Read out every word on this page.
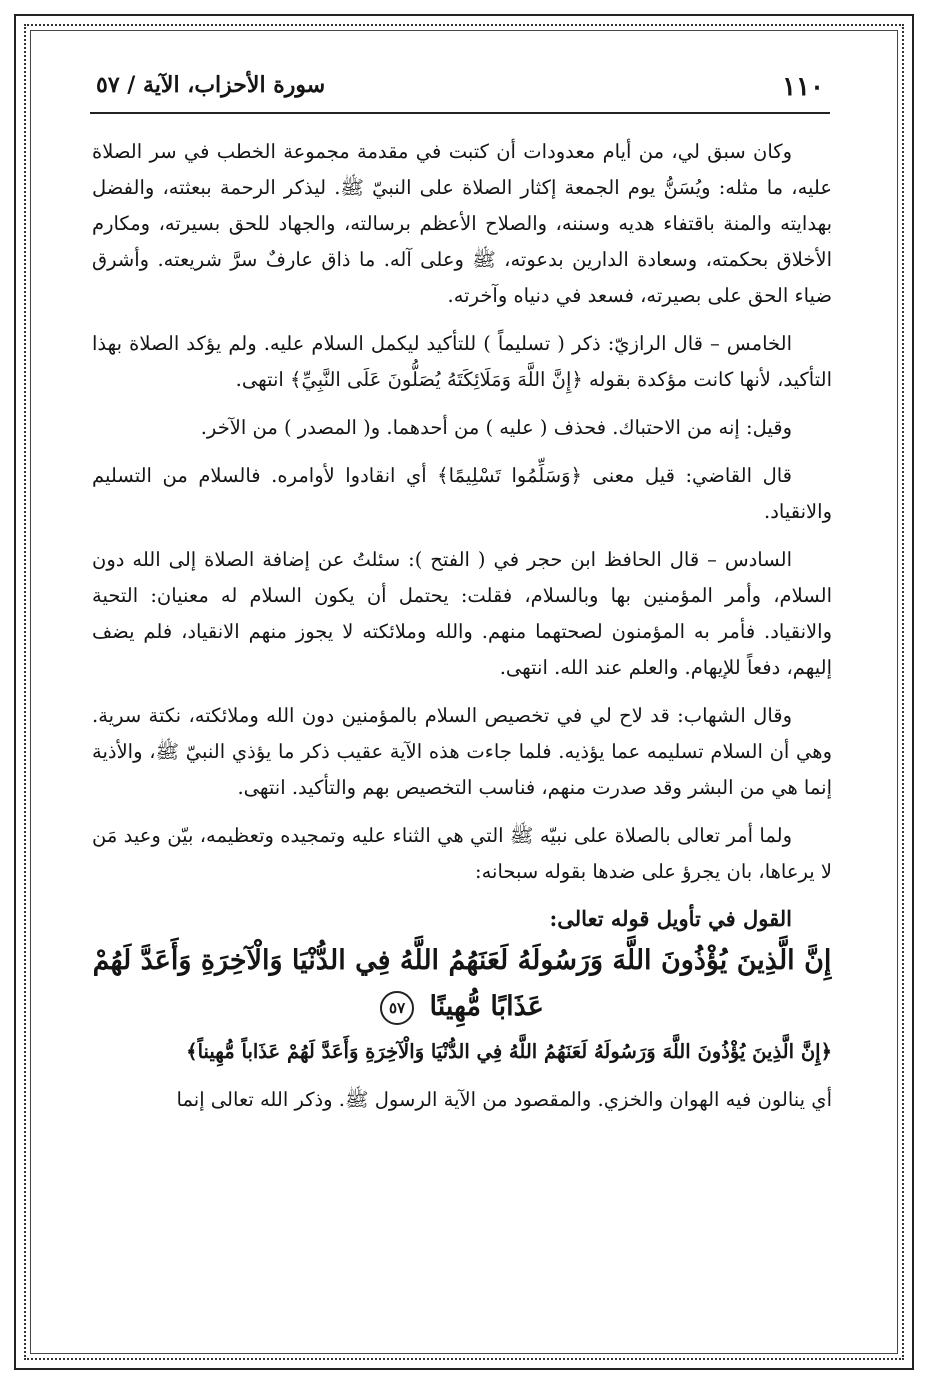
١١٠
سورة الأحزاب، الآية / ٥٧

وكان سبق لي، من أيام معدودات أن كتبت في مقدمة مجموعة الخطب في سر الصلاة عليه، ما مثله: ويُسَنُّ يوم الجمعة إكثار الصلاة على النبيّ ﷺ. ليذكر الرحمة ببعثته، والفضل بهدايته والمنة باقتفاء هديه وسننه، والصلاح الأعظم برسالته، والجهاد للحق بسيرته، ومكارم الأخلاق بحكمته، وسعادة الدارين بدعوته، ﷺ وعلى آله. ما ذاق عارفٌ سرَّ شريعته. وأشرق ضياء الحق على بصيرته، فسعد في دنياه وآخرته.

الخامس – قال الرازيّ: ذكر ( تسليماً ) للتأكيد ليكمل السلام عليه. ولم يؤكد الصلاة بهذا التأكيد، لأنها كانت مؤكدة بقوله ﴿إِنَّ اللَّهَ وَمَلَائِكَتَهُ يُصَلُّونَ عَلَى النَّبِيِّ﴾ انتهى.

وقيل: إنه من الاحتباك. فحذف ( عليه ) من أحدهما. و( المصدر ) من الآخر.

قال القاضي: قيل معنى ﴿وَسَلِّمُوا تَسْلِيمًا﴾ أي انقادوا لأوامره. فالسلام من التسليم والانقياد.

السادس – قال الحافظ ابن حجر في ( الفتح ): سئلتُ عن إضافة الصلاة إلى الله دون السلام، وأمر المؤمنين بها وبالسلام، فقلت: يحتمل أن يكون السلام له معنيان: التحية والانقياد. فأمر به المؤمنون لصحتهما منهم. والله وملائكته لا يجوز منهم الانقياد، فلم يضف إليهم، دفعاً للإيهام. والعلم عند الله. انتهى.

وقال الشهاب: قد لاح لي في تخصيص السلام بالمؤمنين دون الله وملائكته، نكتة سرية. وهي أن السلام تسليمه عما يؤذيه. فلما جاءت هذه الآية عقيب ذكر ما يؤذي النبيّ ﷺ، والأذية إنما هي من البشر وقد صدرت منهم، فناسب التخصيص بهم والتأكيد. انتهى.

ولما أمر تعالى بالصلاة على نبيّه ﷺ التي هي الثناء عليه وتمجيده وتعظيمه، بيّن وعيد مَن لا يرعاها، بان يجرؤ على ضدها بقوله سبحانه:

القول في تأويل قوله تعالى:
إِنَّ الَّذِينَ يُؤْذُونَ اللَّهَ وَرَسُولَهُ لَعَنَهُمُ اللَّهُ فِي الدُّنْيَا وَالْآخِرَةِ وَأَعَدَّ لَهُمْ عَذَابًا مُّهِينًا ٥٧

﴿إِنَّ الَّذِينَ يُؤْذُونَ اللَّهَ وَرَسُولَهُ لَعَنَهُمُ اللَّهُ فِي الدُّنْيَا وَالْآخِرَةِ وَأَعَدَّ لَهُمْ عَذَاباً مُّهِيناً﴾

أي ينالون فيه الهوان والخزي. والمقصود من الآية الرسول ﷺ. وذكر الله تعالى إنما
